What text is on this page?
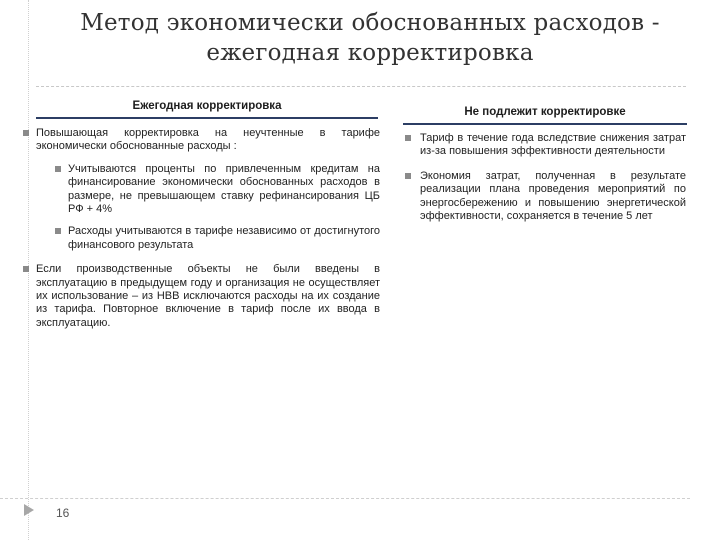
Метод экономически обоснованных расходов -
ежегодная корректировка
Ежегодная корректировка
Повышающая корректировка на неучтенные в тарифе экономически обоснованные расходы :
Учитываются проценты по привлеченным кредитам на финансирование экономически обоснованных расходов в размере, не превышающем ставку рефинансирования ЦБ РФ + 4%
Расходы учитываются в тарифе независимо от достигнутого финансового результата
Если производственные объекты не были введены в эксплуатацию в предыдущем году и организация не осуществляет их использование – из НВВ исключаются расходы на их создание из тарифа. Повторное включение в тариф после их ввода в эксплуатацию.
Не подлежит корректировке
Тариф в течение года вследствие снижения затрат из-за повышения эффективности деятельности
Экономия затрат, полученная в результате реализации плана проведения мероприятий по энергосбережению и повышению энергетической эффективности, сохраняется в течение 5 лет
16
